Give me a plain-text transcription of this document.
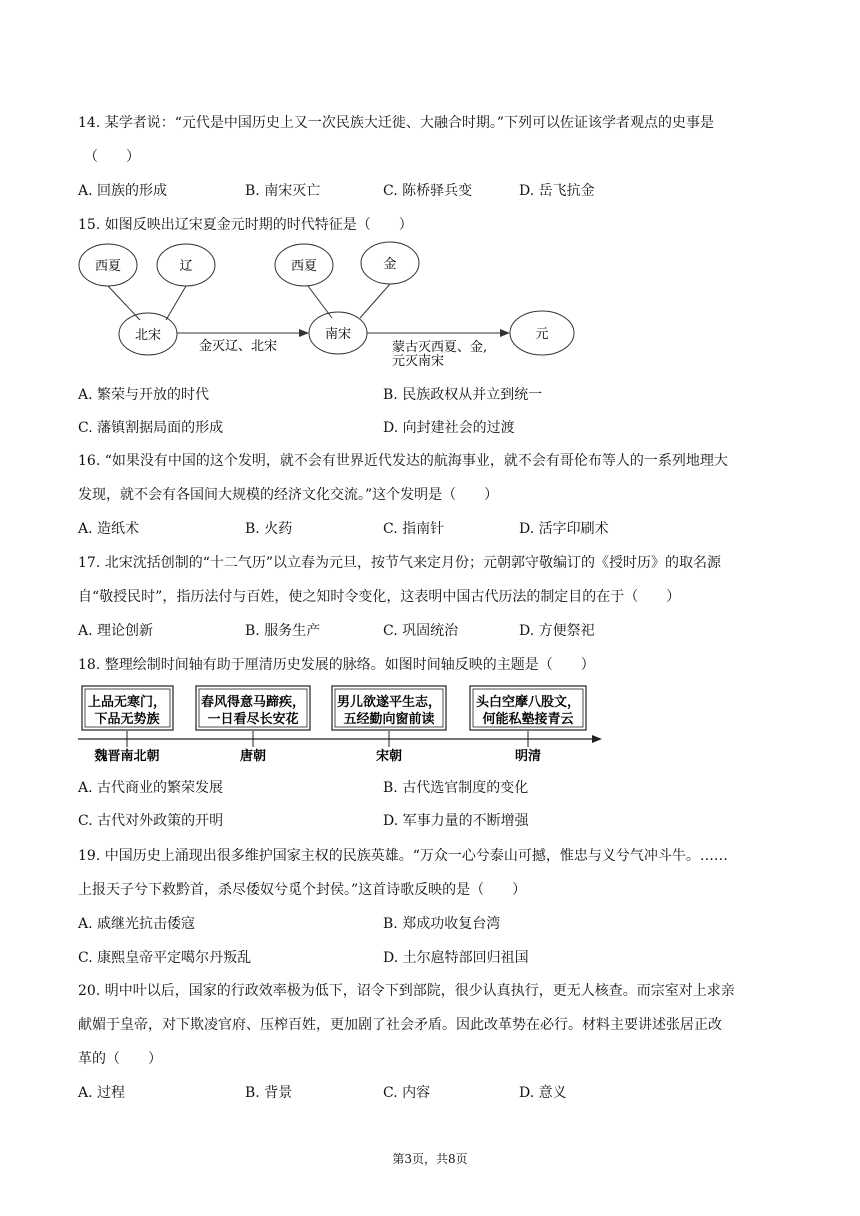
14. 某学者说：“元代是中国历史上又一次民族大迁徙、大融合时期。”下列可以佐证该学者观点的史事是
（　　）
A. 回族的形成	B. 南宋灭亡	C. 陈桥驿兵变	D. 岳飞抗金
15. 如图反映出辽宋夏金元时期的时代特征是（　　）
西夏	辽
北宋
西夏	金
南宋	元
金灭辽、北宋	蒙古灭西夏、金,
元灭南宋
A. 繁荣与开放的时代	B. 民族政权从并立到统一
C. 藩镇割据局面的形成	D. 向封建社会的过渡
16. “如果没有中国的这个发明，就不会有世界近代发达的航海事业，就不会有哥伦布等人的一系列地理大
发现，就不会有各国间大规模的经济文化交流。”这个发明是（　　）
A. 造纸术	B. 火药	C. 指南针	D. 活字印刷术
17. 北宋沈括创制的“十二气历”以立春为元旦，按节气来定月份；元朝郭守敬编订的《授时历》的取名源
自“敬授民时”，指历法付与百姓，使之知时令变化，这表明中国古代历法的制定目的在于（　　）
A. 理论创新	B. 服务生产	C. 巩固统治	D. 方便祭祀
18. 整理绘制时间轴有助于厘清历史发展的脉络。如图时间轴反映的主题是（　　）
上品无寒门，
下品无势族
春风得意马蹄疾，
一日看尽长安花
男儿欲遂平生志，
五经勤向窗前读
头白空摩八股文，
何能私塾接青云
魏晋南北朝	唐朝	宋朝	明清
A. 古代商业的繁荣发展	B. 古代选官制度的变化
C. 古代对外政策的开明	D. 军事力量的不断增强
19. 中国历史上涌现出很多维护国家主权的民族英雄。“万众一心兮泰山可撼，惟忠与义兮气冲斗牛。……
上报天子兮下救黔首，杀尽倭奴兮觅个封侯。”这首诗歌反映的是（　　）
A. 戚继光抗击倭寇	B. 郑成功收复台湾
C. 康熙皇帝平定噶尔丹叛乱	D. 土尔扈特部回归祖国
20. 明中叶以后，国家的行政效率极为低下，诏令下到部院，很少认真执行，更无人核查。而宗室对上求亲
献媚于皇帝，对下欺凌官府、压榨百姓，更加剧了社会矛盾。因此改革势在必行。材料主要讲述张居正改
革的（　　）
A. 过程	B. 背景	C. 内容	D. 意义
第3页，共8页
